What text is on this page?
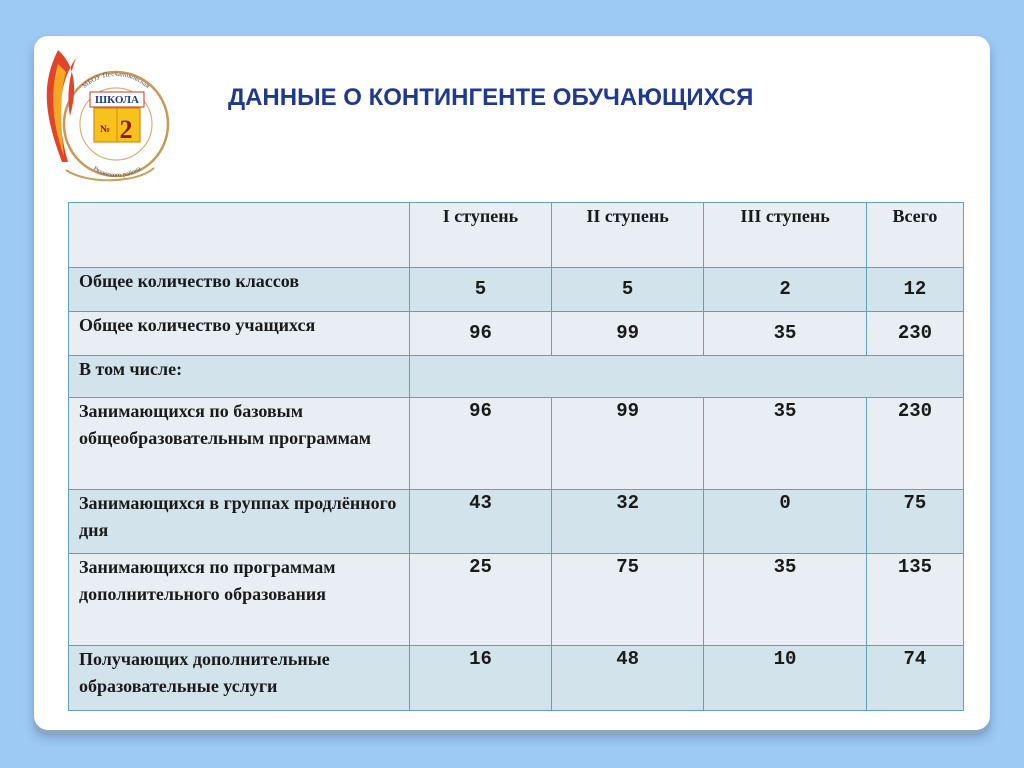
ШКОЛА
№ 2
МБОУ Песчаноковская
Рязанского района
ДАННЫЕ О КОНТИНГЕНТЕ ОБУЧАЮЩИХСЯ
	I ступень	II ступень	III ступень	Всего
Общее количество классов	5	5	2	12
Общее количество учащихся	96	99	35	230
В том числе:				
Занимающихся по базовым общеобразовательным программам	96	99	35	230
Занимающихся в группах продлённого дня	43	32	0	75
Занимающихся по программам дополнительного образования	25	75	35	135
Получающих дополнительные образовательные услуги	16	48	10	74
